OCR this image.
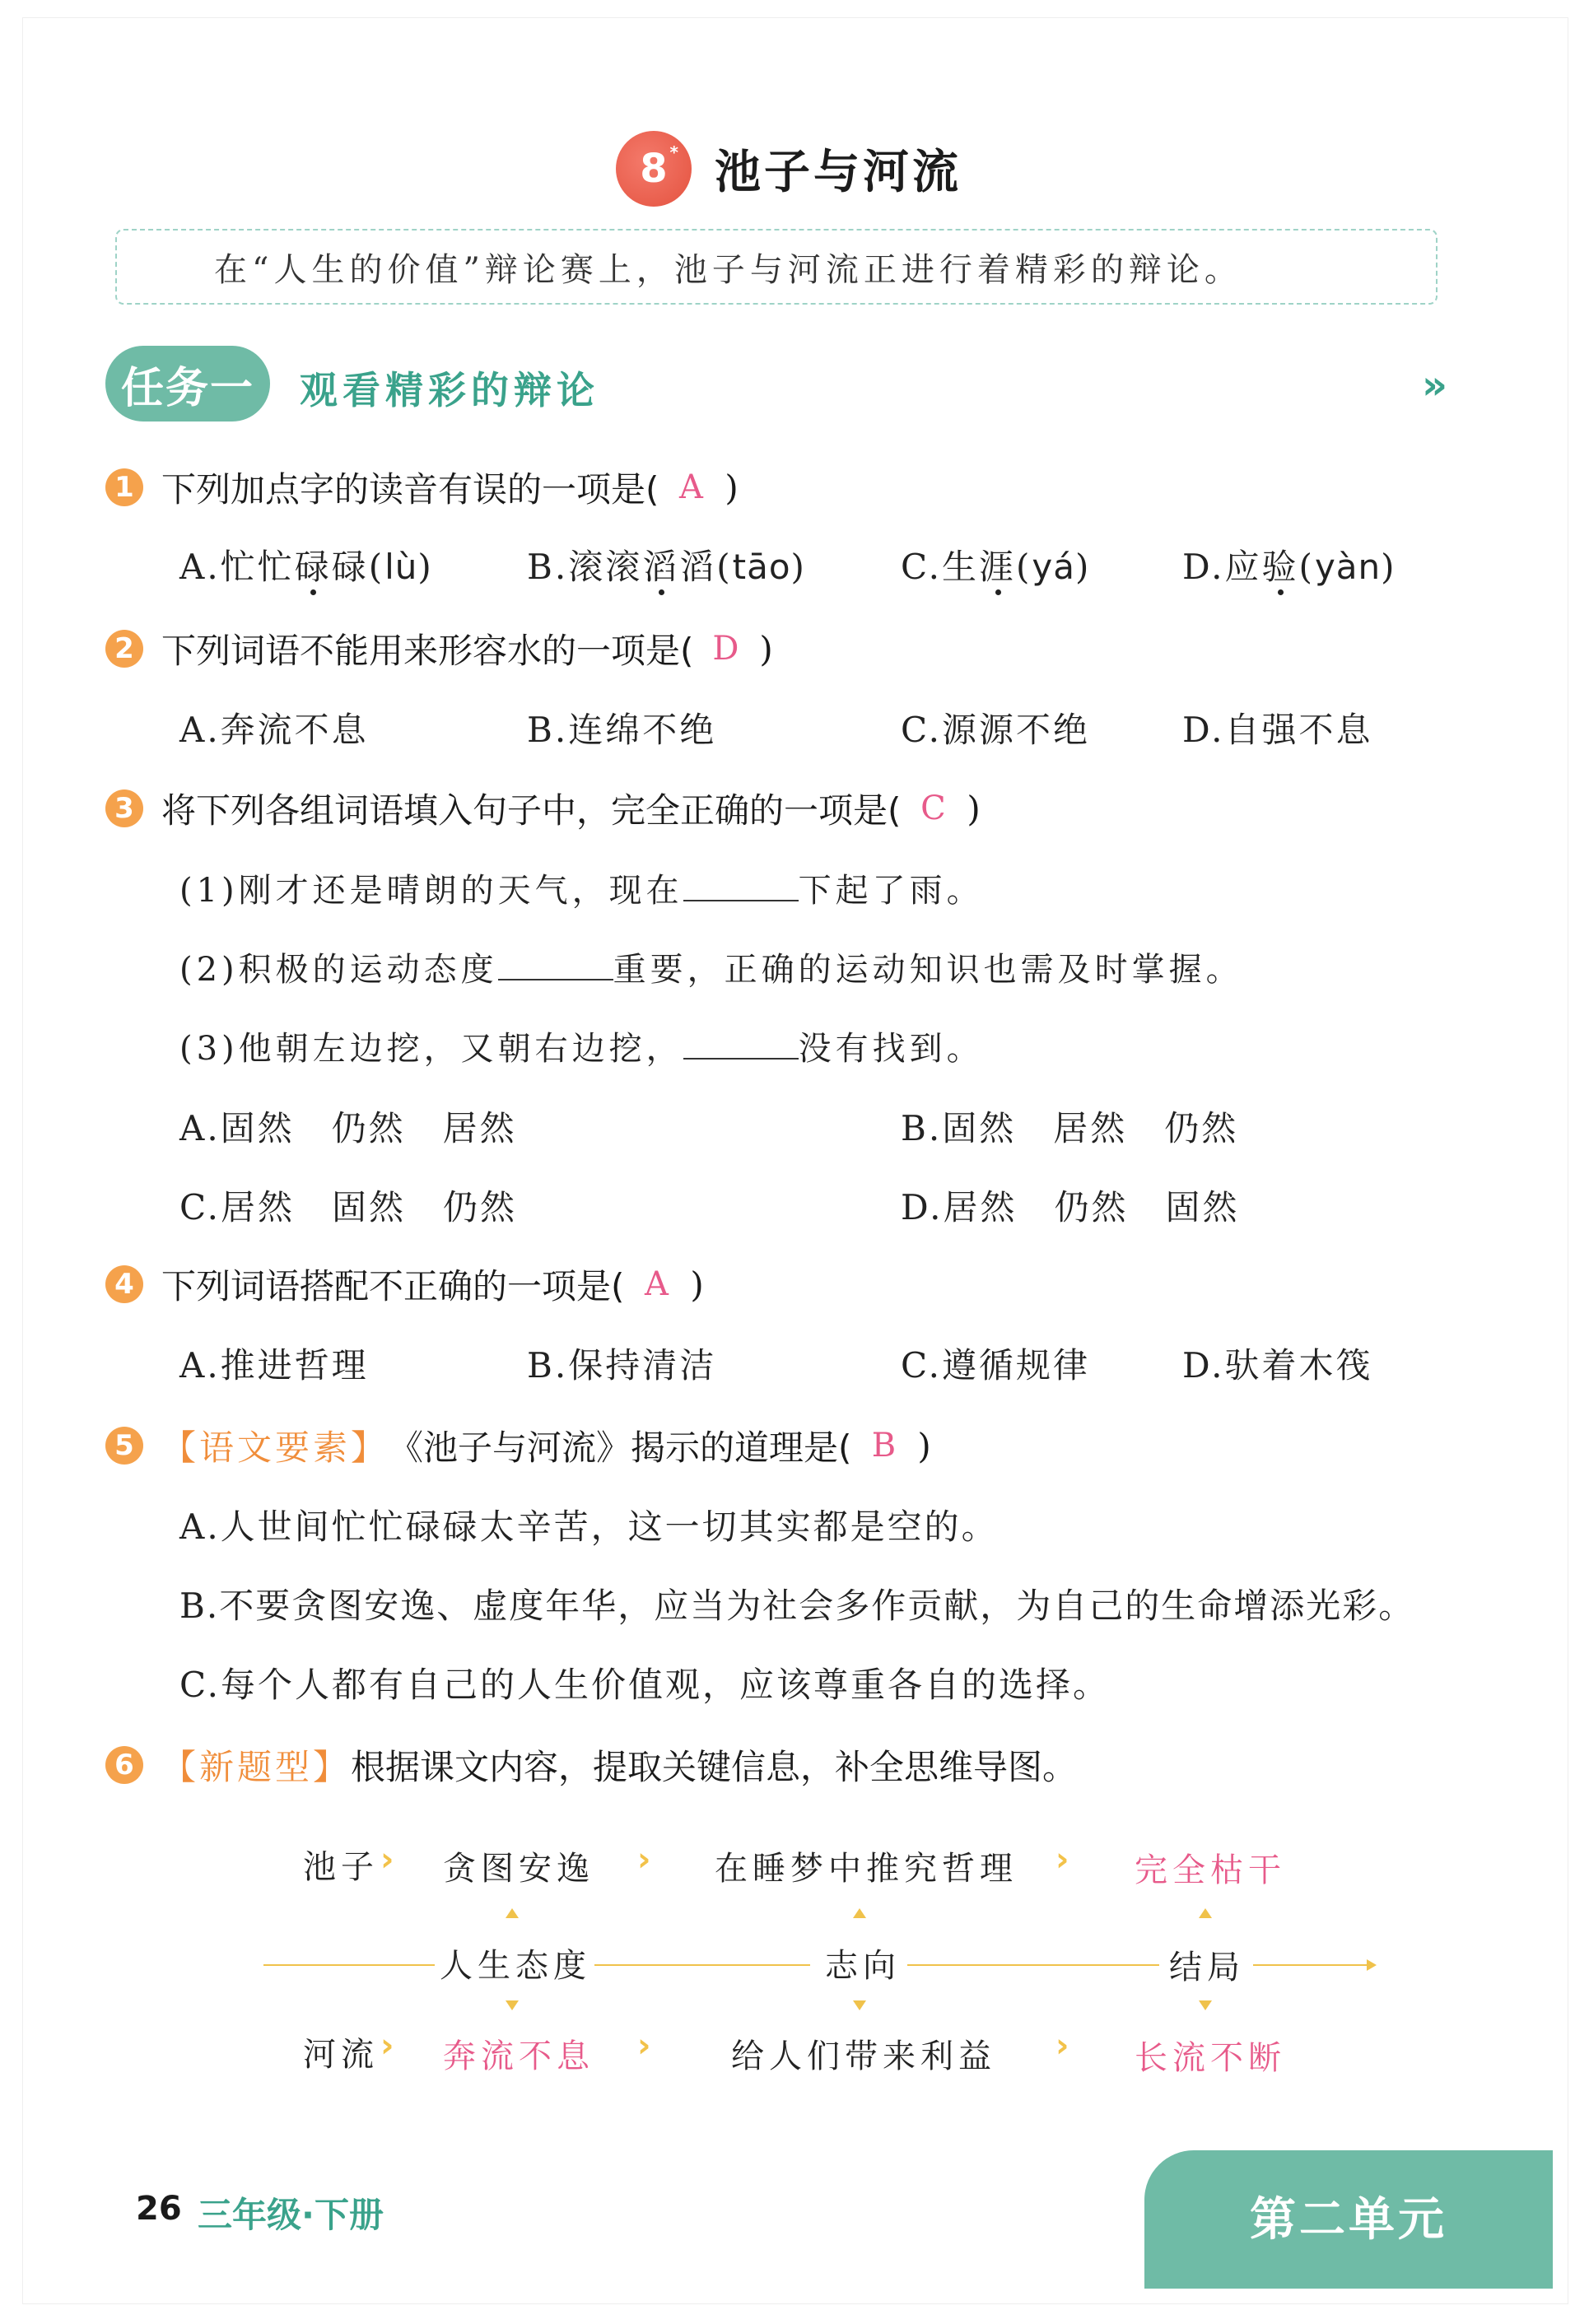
8 * 池子与河流
在“人生的价值”辩论赛上，池子与河流正进行着精彩的辩论。
任务一	观看精彩的辩论	»
1 下列加点字的读音有误的一项是( A )
A.忙忙碌碌(lù)	B.滚滚滔滔(tāo)	C.生涯(yá)	D.应验(yàn)
2 下列词语不能用来形容水的一项是( D )
A.奔流不息	B.连绵不绝	C.源源不绝	D.自强不息
3 将下列各组词语填入句子中，完全正确的一项是( C )
(1)刚才还是晴朗的天气，现在	下起了雨。
(2)积极的运动态度	重要，正确的运动知识也需及时掌握。
(3)他朝左边挖，又朝右边挖，	没有找到。
A.固然　仍然　居然	B.固然　居然　仍然
C.居然　固然　仍然	D.居然　仍然　固然
4 下列词语搭配不正确的一项是( A )
A.推进哲理	B.保持清洁	C.遵循规律	D.驮着木筏
5 【语文要素】 《池子与河流》揭示的道理是( B )
A.人世间忙忙碌碌太辛苦，这一切其实都是空的。
B.不要贪图安逸、虚度年华，应当为社会多作贡献，为自己的生命增添光彩。
C.每个人都有自己的人生价值观，应该尊重各自的选择。
6 【新题型】 根据课文内容，提取关键信息，补全思维导图。
池子 › 贪图安逸 › 在睡梦中推究哲理 › 完全枯干
人生态度	志向	结局
河流 › 奔流不息 › 给人们带来利益 › 长流不断
26 三年级·下册	第二单元
